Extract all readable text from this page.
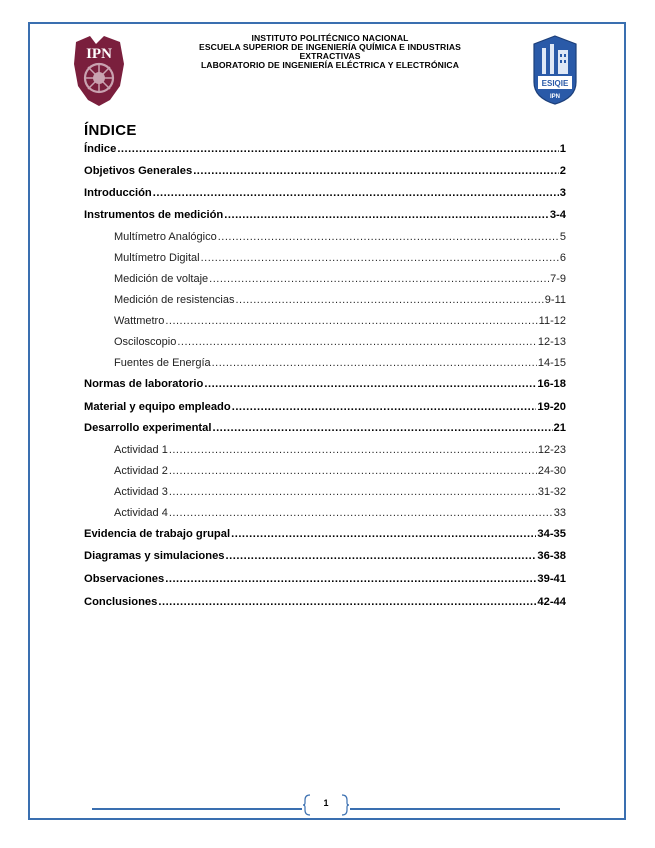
IPN
INSTITUTO POLITÉCNICO NACIONAL
ESCUELA SUPERIOR DE INGENIERÍA QUÍMICA E INDUSTRIAS
EXTRACTIVAS
LABORATORIO DE INGENIERÍA ELÉCTRICA Y ELECTRÓNICA
ESIQIE
IPN
ÍNDICE
Índice .....	1
Objetivos Generales .....	2
Introducción .....	3
Instrumentos de medición .....	3-4
Multímetro Analógico .....	5
Multímetro Digital .....	6
Medición de voltaje .....	7-9
Medición de resistencias .....	9-11
Wattmetro .....	11-12
Osciloscopio .....	12-13
Fuentes de Energía .....	14-15
Normas de laboratorio .....	16-18
Material y equipo empleado .....	19-20
Desarrollo experimental .....	21
Actividad 1 .....	12-23
Actividad 2 .....	24-30
Actividad 3 .....	31-32
Actividad 4 .....	33
Evidencia de trabajo grupal .....	34-35
Diagramas y simulaciones .....	36-38
Observaciones .....	39-41
Conclusiones .....	42-44
1
